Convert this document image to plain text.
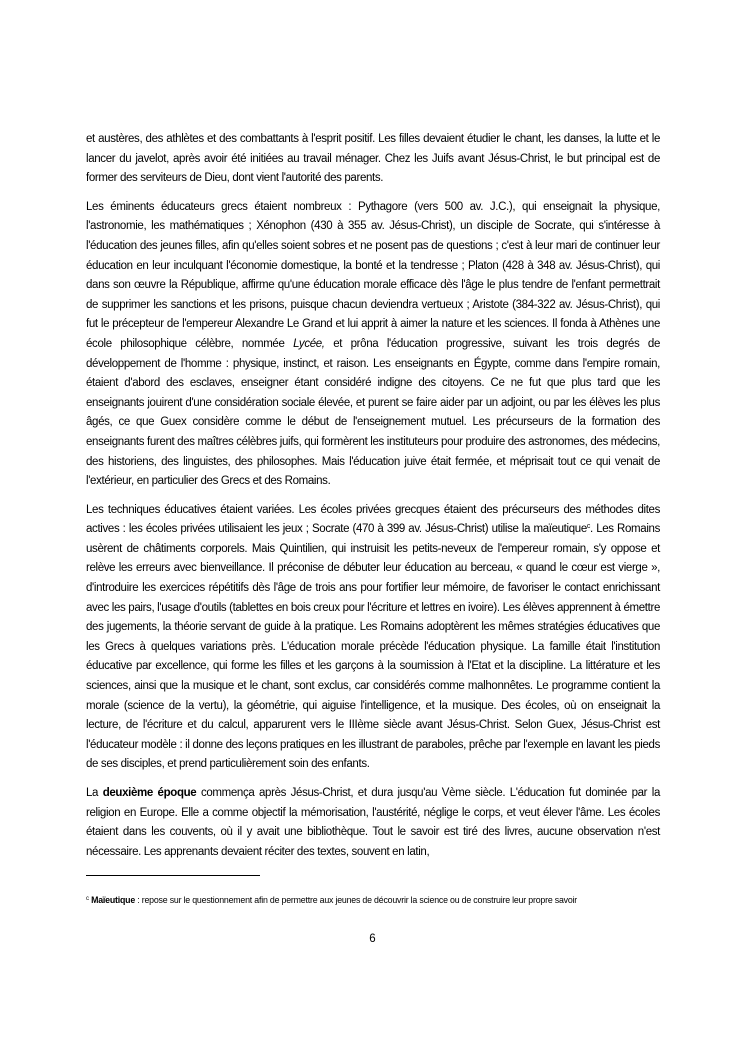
et austères, des athlètes et des combattants à l'esprit positif. Les filles devaient étudier le chant, les danses, la lutte et le lancer du javelot, après avoir été initiées au travail ménager. Chez les Juifs avant Jésus-Christ, le but principal est de former des serviteurs de Dieu, dont vient l'autorité des parents.

Les éminents éducateurs grecs étaient nombreux : Pythagore (vers 500 av. J.C.), qui enseignait la physique, l'astronomie, les mathématiques ; Xénophon (430 à 355 av. Jésus-Christ), un disciple de Socrate, qui s'intéresse à l'éducation des jeunes filles, afin qu'elles soient sobres et ne posent pas de questions ; c'est à leur mari de continuer leur éducation en leur inculquant l'économie domestique, la bonté et la tendresse ; Platon (428 à 348 av. Jésus-Christ), qui dans son œuvre la République, affirme qu'une éducation morale efficace dès l'âge le plus tendre de l'enfant permettrait de supprimer les sanctions et les prisons, puisque chacun deviendra vertueux ; Aristote (384-322 av. Jésus-Christ), qui fut le précepteur de l'empereur Alexandre Le Grand et lui apprit à aimer la nature et les sciences. Il fonda à Athènes une école philosophique célèbre, nommée Lycée, et prôna l'éducation progressive, suivant les trois degrés de développement de l'homme : physique, instinct, et raison. Les enseignants en Égypte, comme dans l'empire romain, étaient d'abord des esclaves, enseigner étant considéré indigne des citoyens. Ce ne fut que plus tard que les enseignants jouirent d'une considération sociale élevée, et purent se faire aider par un adjoint, ou par les élèves les plus âgés, ce que Guex considère comme le début de l'enseignement mutuel. Les précurseurs de la formation des enseignants furent des maîtres célèbres juifs, qui formèrent les instituteurs pour produire des astronomes, des médecins, des historiens, des linguistes, des philosophes. Mais l'éducation juive était fermée, et méprisait tout ce qui venait de l'extérieur, en particulier des Grecs et des Romains.

Les techniques éducatives étaient variées. Les écoles privées grecques étaient des précurseurs des méthodes dites actives : les écoles privées utilisaient les jeux ; Socrate (470 à 399 av. Jésus-Christ) utilise la maïeutique$^c$. Les Romains usèrent de châtiments corporels. Mais Quintilien, qui instruisit les petits-neveux de l'empereur romain, s'y oppose et relève les erreurs avec bienveillance. Il préconise de débuter leur éducation au berceau, « quand le cœur est vierge », d'introduire les exercices répétitifs dès l'âge de trois ans pour fortifier leur mémoire, de favoriser le contact enrichissant avec les pairs, l'usage d'outils (tablettes en bois creux pour l'écriture et lettres en ivoire). Les élèves apprennent à émettre des jugements, la théorie servant de guide à la pratique. Les Romains adoptèrent les mêmes stratégies éducatives que les Grecs à quelques variations près. L'éducation morale précède l'éducation physique. La famille était l'institution éducative par excellence, qui forme les filles et les garçons à la soumission à l'Etat et la discipline. La littérature et les sciences, ainsi que la musique et le chant, sont exclus, car considérés comme malhonnêtes. Le programme contient la morale (science de la vertu), la géométrie, qui aiguise l'intelligence, et la musique. Des écoles, où on enseignait la lecture, de l'écriture et du calcul, apparurent vers le IIIème siècle avant Jésus-Christ. Selon Guex, Jésus-Christ est l'éducateur modèle : il donne des leçons pratiques en les illustrant de paraboles, prêche par l'exemple en lavant les pieds de ses disciples, et prend particulièrement soin des enfants.

La deuxième époque commença après Jésus-Christ, et dura jusqu'au Vème siècle. L'éducation fut dominée par la religion en Europe. Elle a comme objectif la mémorisation, l'austérité, néglige le corps, et veut élever l'âme. Les écoles étaient dans les couvents, où il y avait une bibliothèque. Tout le savoir est tiré des livres, aucune observation n'est nécessaire. Les apprenants devaient réciter des textes, souvent en latin,

$^c$ Maïeutique : repose sur le questionnement afin de permettre aux jeunes de découvrir la science ou de construire leur propre savoir
6
